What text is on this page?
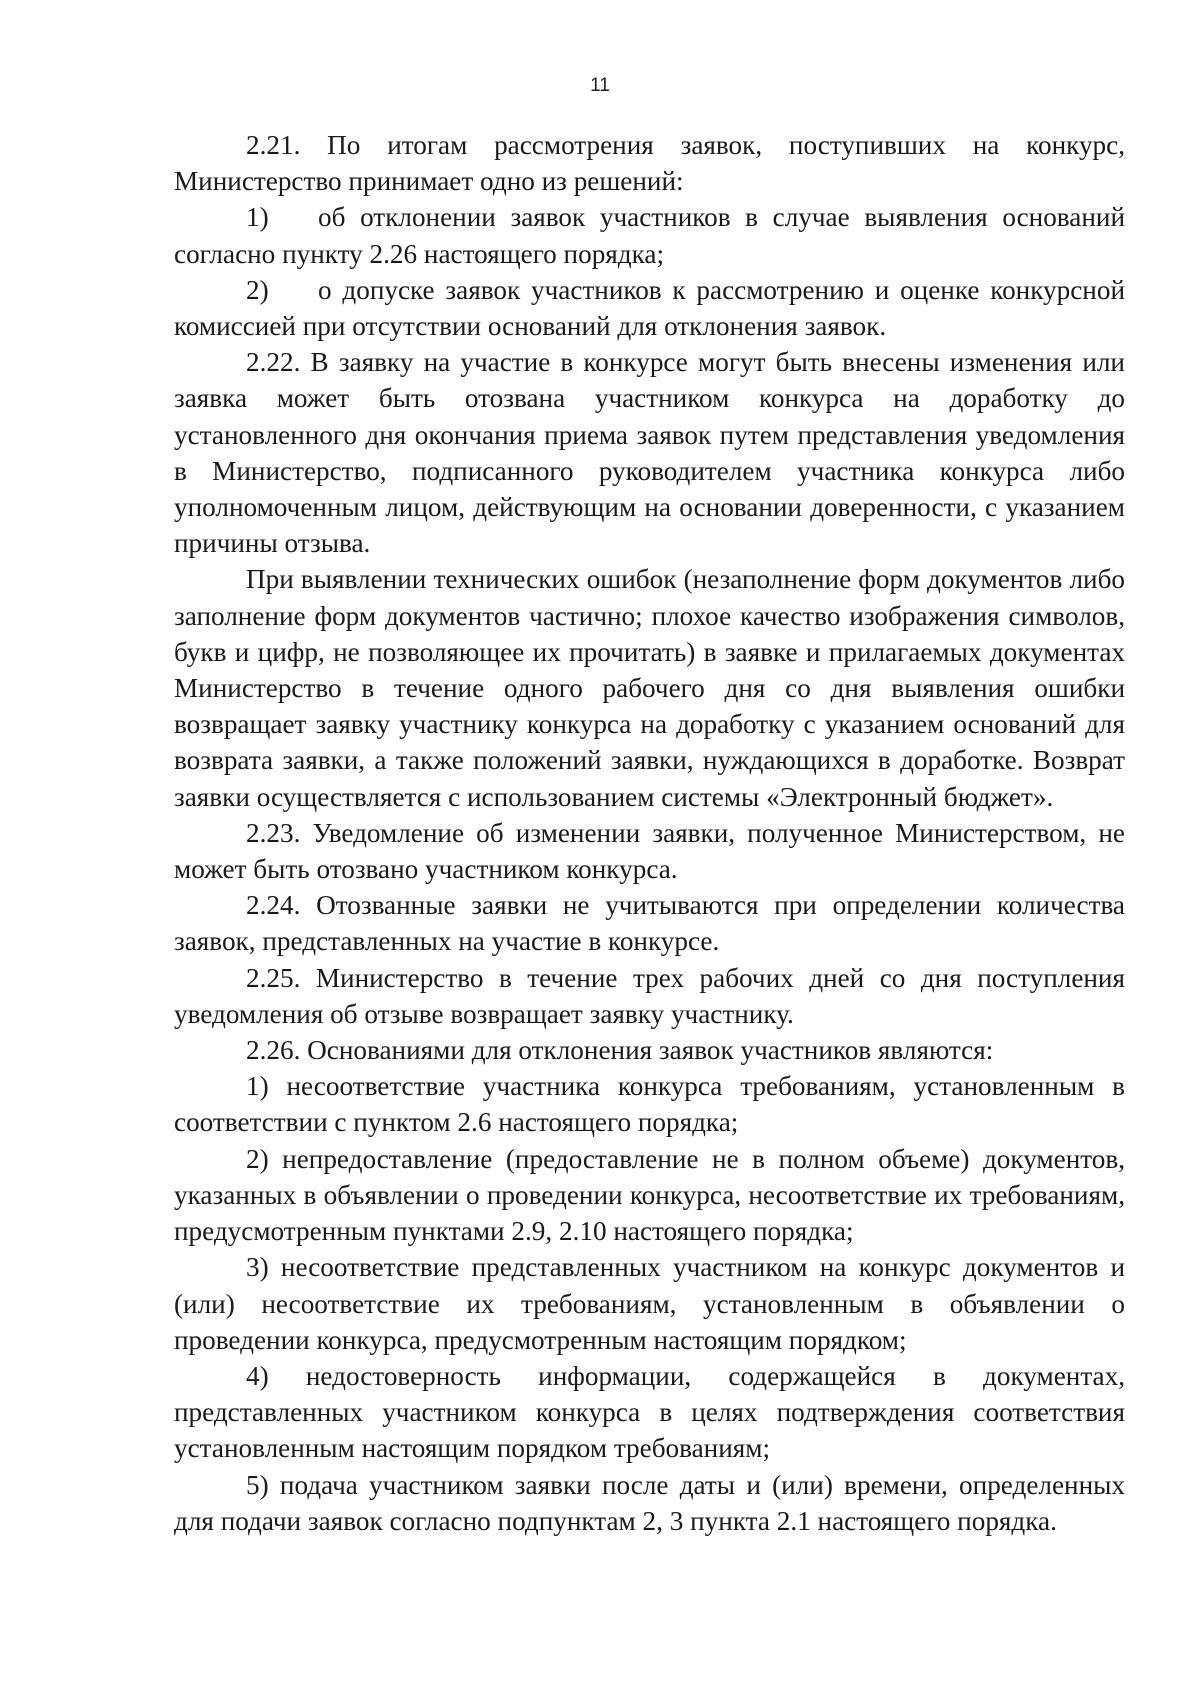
11

2.21. По итогам рассмотрения заявок, поступивших на конкурс, Министерство принимает одно из решений:

1) об отклонении заявок участников в случае выявления оснований согласно пункту 2.26 настоящего порядка;

2) о допуске заявок участников к рассмотрению и оценке конкурсной комиссией при отсутствии оснований для отклонения заявок.

2.22. В заявку на участие в конкурсе могут быть внесены изменения или заявка может быть отозвана участником конкурса на доработку до установленного дня окончания приема заявок путем представления уведомления в Министерство, подписанного руководителем участника конкурса либо уполномоченным лицом, действующим на основании доверенности, с указанием причины отзыва.

При выявлении технических ошибок (незаполнение форм документов либо заполнение форм документов частично; плохое качество изображения символов, букв и цифр, не позволяющее их прочитать) в заявке и прилагаемых документах Министерство в течение одного рабочего дня со дня выявления ошибки возвращает заявку участнику конкурса на доработку с указанием оснований для возврата заявки, а также положений заявки, нуждающихся в доработке. Возврат заявки осуществляется с использованием системы «Электронный бюджет».

2.23. Уведомление об изменении заявки, полученное Министерством, не может быть отозвано участником конкурса.

2.24. Отозванные заявки не учитываются при определении количества заявок, представленных на участие в конкурсе.

2.25. Министерство в течение трех рабочих дней со дня поступления уведомления об отзыве возвращает заявку участнику.

2.26. Основаниями для отклонения заявок участников являются:

1) несоответствие участника конкурса требованиям, установленным в соответствии с пунктом 2.6 настоящего порядка;

2) непредоставление (предоставление не в полном объеме) документов, указанных в объявлении о проведении конкурса, несоответствие их требованиям, предусмотренным пунктами 2.9, 2.10 настоящего порядка;

3) несоответствие представленных участником на конкурс документов и (или) несоответствие их требованиям, установленным в объявлении о проведении конкурса, предусмотренным настоящим порядком;

4) недостоверность информации, содержащейся в документах, представленных участником конкурса в целях подтверждения соответствия установленным настоящим порядком требованиям;

5) подача участником заявки после даты и (или) времени, определенных для подачи заявок согласно подпунктам 2, 3 пункта 2.1 настоящего порядка.
